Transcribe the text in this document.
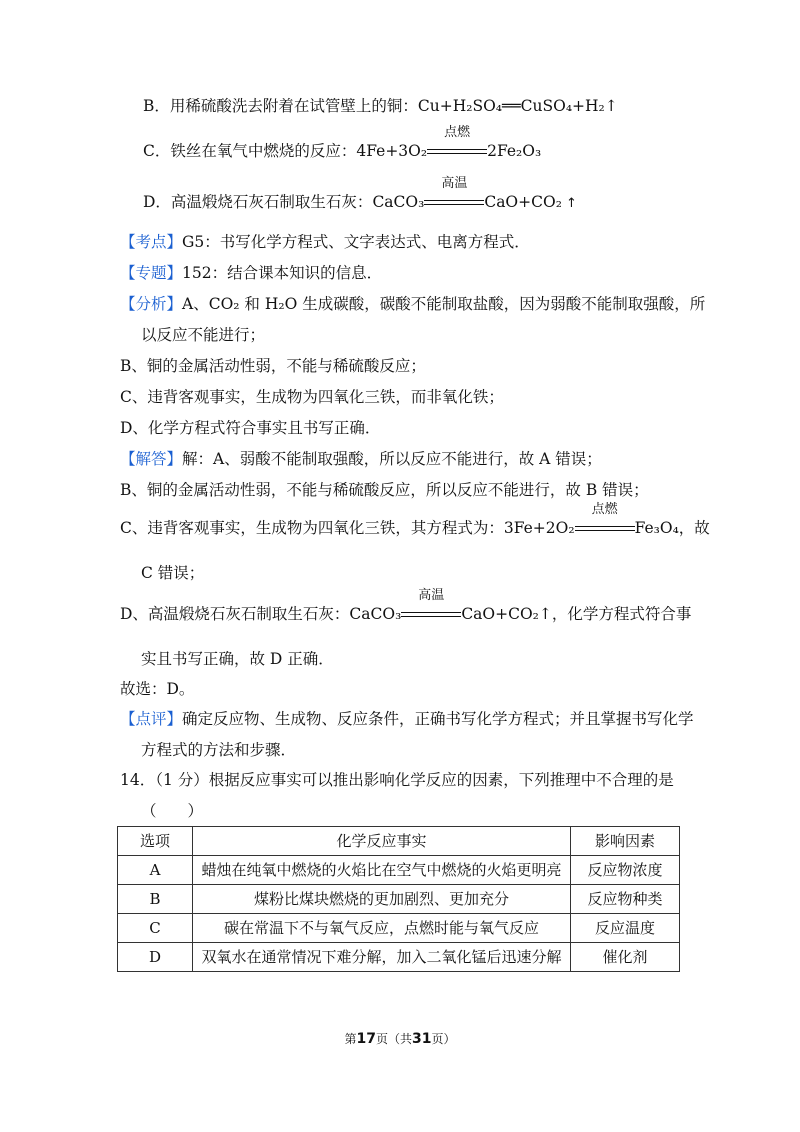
B．用稀硫酸洗去附着在试管壁上的铜：Cu+H₂SO₄══CuSO₄+H₂↑
C．铁丝在氧气中燃烧的反应：4Fe+3O₂
点燃
2Fe₂O₃
D．高温煅烧石灰石制取生石灰：CaCO₃
高温
CaO+CO₂ ↑
【考点】G5：书写化学方程式、文字表达式、电离方程式．
【专题】152：结合课本知识的信息．
【分析】A、CO₂ 和 H₂O 生成碳酸，碳酸不能制取盐酸，因为弱酸不能制取强酸，所
以反应不能进行；
B、铜的金属活动性弱，不能与稀硫酸反应；
C、违背客观事实，生成物为四氧化三铁，而非氧化铁；
D、化学方程式符合事实且书写正确．
【解答】解：A、弱酸不能制取强酸，所以反应不能进行，故 A 错误；
B、铜的金属活动性弱，不能与稀硫酸反应，所以反应不能进行，故 B 错误；
C、违背客观事实，生成物为四氧化三铁，其方程式为：3Fe+2O₂
点燃
Fe₃O₄，故
C 错误；
D、高温煅烧石灰石制取生石灰：CaCO₃
高温
CaO+CO₂↑，化学方程式符合事
实且书写正确，故 D 正确．
故选：D。
【点评】确定反应物、生成物、反应条件，正确书写化学方程式；并且掌握书写化学
方程式的方法和步骤．
14．（1 分）根据反应事实可以推出影响化学反应的因素，下列推理中不合理的是
（　　）
选项	化学反应事实	影响因素
A	蜡烛在纯氧中燃烧的火焰比在空气中燃烧的火焰更明亮	反应物浓度
B	煤粉比煤块燃烧的更加剧烈、更加充分	反应物种类
C	碳在常温下不与氧气反应，点燃时能与氧气反应	反应温度
D	双氧水在通常情况下难分解，加入二氧化锰后迅速分解	催化剂
第17页（共31页）
